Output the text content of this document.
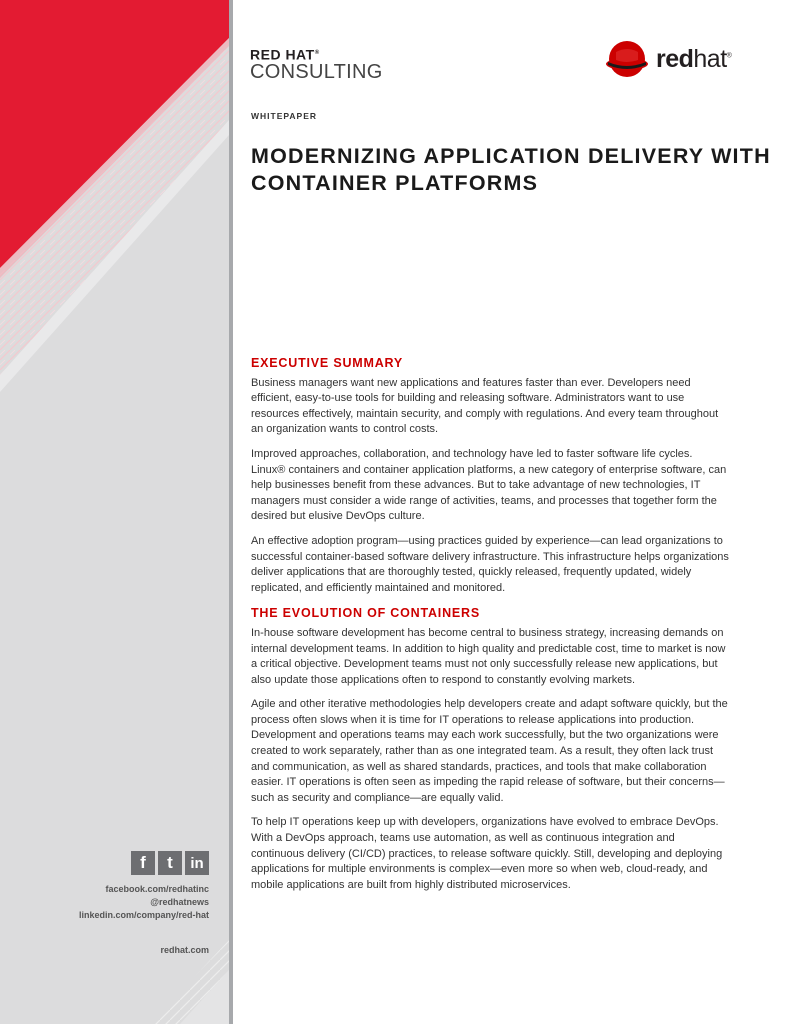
f	t	in
facebook.com/redhatinc
@redhatnews
linkedin.com/company/red-hat
redhat.com
RED HAT®
CONSULTING	redhat®
WHITEPAPER
MODERNIZING APPLICATION DELIVERY WITH CONTAINER PLATFORMS
EXECUTIVE SUMMARY

Business managers want new applications and features faster than ever. Developers need efficient, easy-to-use tools for building and releasing software. Administrators want to use resources effectively, maintain security, and comply with regulations. And every team throughout an organization wants to control costs.

Improved approaches, collaboration, and technology have led to faster software life cycles. Linux® containers and container application platforms, a new category of enterprise software, can help businesses benefit from these advances. But to take advantage of new technologies, IT managers must consider a wide range of activities, teams, and processes that together form the desired but elusive DevOps culture.

An effective adoption program—using practices guided by experience—can lead organizations to successful container-based software delivery infrastructure. This infrastructure helps organizations deliver applications that are thoroughly tested, quickly released, frequently updated, widely replicated, and efficiently maintained and monitored.

THE EVOLUTION OF CONTAINERS

In-house software development has become central to business strategy, increasing demands on internal development teams. In addition to high quality and predictable cost, time to market is now a critical objective. Development teams must not only successfully release new applications, but also update those applications often to respond to constantly evolving markets.

Agile and other iterative methodologies help developers create and adapt software quickly, but the process often slows when it is time for IT operations to release applications into production. Development and operations teams may each work successfully, but the two organizations were created to work separately, rather than as one integrated team. As a result, they often lack trust and communication, as well as shared standards, practices, and tools that make collaboration easier. IT operations is often seen as impeding the rapid release of software, but their concerns—such as security and compliance—are equally valid.

To help IT operations keep up with developers, organizations have evolved to embrace DevOps. With a DevOps approach, teams use automation, as well as continuous integration and continuous delivery (CI/CD) practices, to release software quickly. Still, developing and deploying applications for multiple environments is complex—even more so when web, cloud-ready, and mobile applications are built from highly distributed microservices.
